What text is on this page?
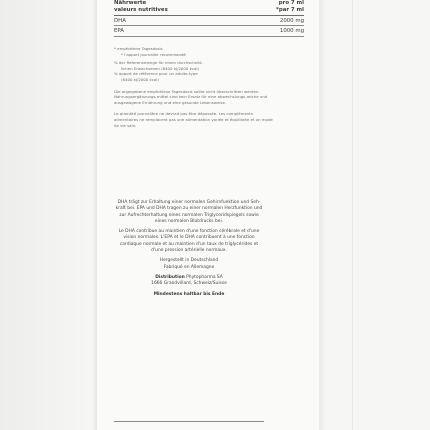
Nährwerte
valeurs nutritives
pro 7 ml
*par 7 ml
DHA	2000 mg
EPA	1000 mg

* empfohlene Tagesdosis
* l'apport journalier recommandé

% der Referenzmenge für einen durchschnitt-
lichen Erwachsenen (8400 kJ/2000 kcal)
% apport de référence pour un adulte-type
(8400 kJ/2000 kcal)

Die angegebene empfohlene Tagesdosis sollte nicht überschritten werden. Nahrungsergänzungs-mittel sind kein Ersatz für eine abwechslungs-reiche und ausgewogene Ernährung und eine gesunde Lebensweise.

La quantité journalière ne devrait pas être dépassée. Les compléments alimentaires ne remplacent pas une alimentation variée et équilibrée et un mode de vie sain.

DHA trägt zur Erhaltung einer normalen Gehirnfunktion und Seh-kraft bei. EPA und DHA tragen zu einer normalen Herzfunktion und zur Aufrechterhaltung eines normalen Triglyceridspiegels sowie eines normalen Blutdrucks bei.

Le DHA contribue au maintien d'une fonction cérébrale et d'une vision normales. L'EPA et le DHA contribuent à une fonction cardiaque normale et au maintien d'un taux de triglycérides et d'une pression artérielle normaux.

Hergestellt in Deutschland
Fabriqué en Allemagne

Distribution Phytopharma SA
1666 Grandvillard, Schweiz/Suisse

Mindestens haltbar bis Ende
